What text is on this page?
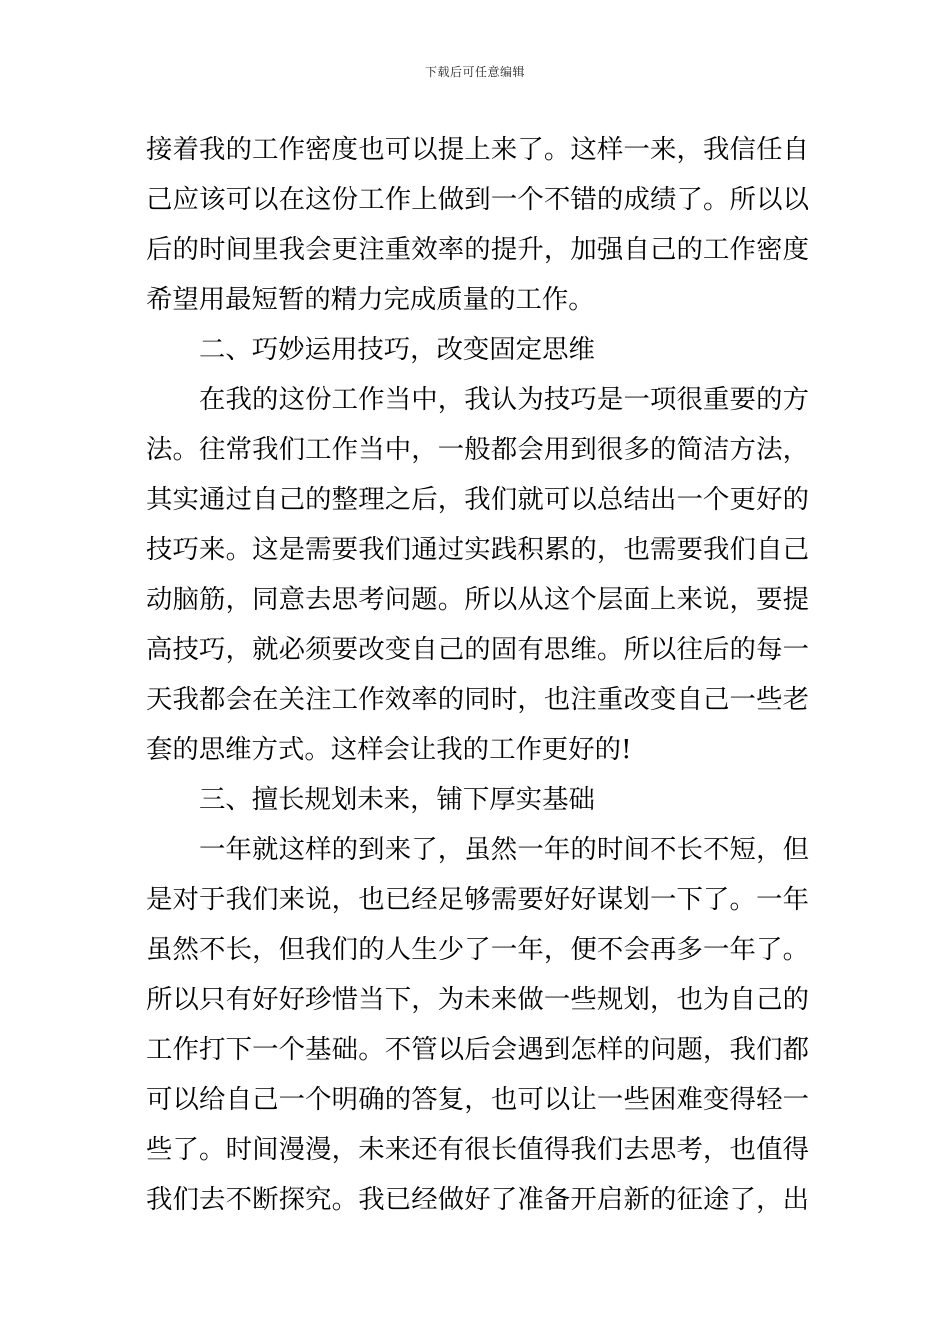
下载后可任意编辑
接着我的工作密度也可以提上来了。这样一来，我信任自
己应该可以在这份工作上做到一个不错的成绩了。所以以
后的时间里我会更注重效率的提升，加强自己的工作密度
希望用最短暂的精力完成质量的工作。
二、巧妙运用技巧，改变固定思维
在我的这份工作当中，我认为技巧是一项很重要的方
法。往常我们工作当中，一般都会用到很多的简洁方法，
其实通过自己的整理之后，我们就可以总结出一个更好的
技巧来。这是需要我们通过实践积累的，也需要我们自己
动脑筋，同意去思考问题。所以从这个层面上来说，要提
高技巧，就必须要改变自己的固有思维。所以往后的每一
天我都会在关注工作效率的同时，也注重改变自己一些老
套的思维方式。这样会让我的工作更好的!
三、擅长规划未来，铺下厚实基础
一年就这样的到来了，虽然一年的时间不长不短，但
是对于我们来说，也已经足够需要好好谋划一下了。一年
虽然不长，但我们的人生少了一年，便不会再多一年了。
所以只有好好珍惜当下，为未来做一些规划，也为自己的
工作打下一个基础。不管以后会遇到怎样的问题，我们都
可以给自己一个明确的答复，也可以让一些困难变得轻一
些了。时间漫漫，未来还有很长值得我们去思考，也值得
我们去不断探究。我已经做好了准备开启新的征途了，出
